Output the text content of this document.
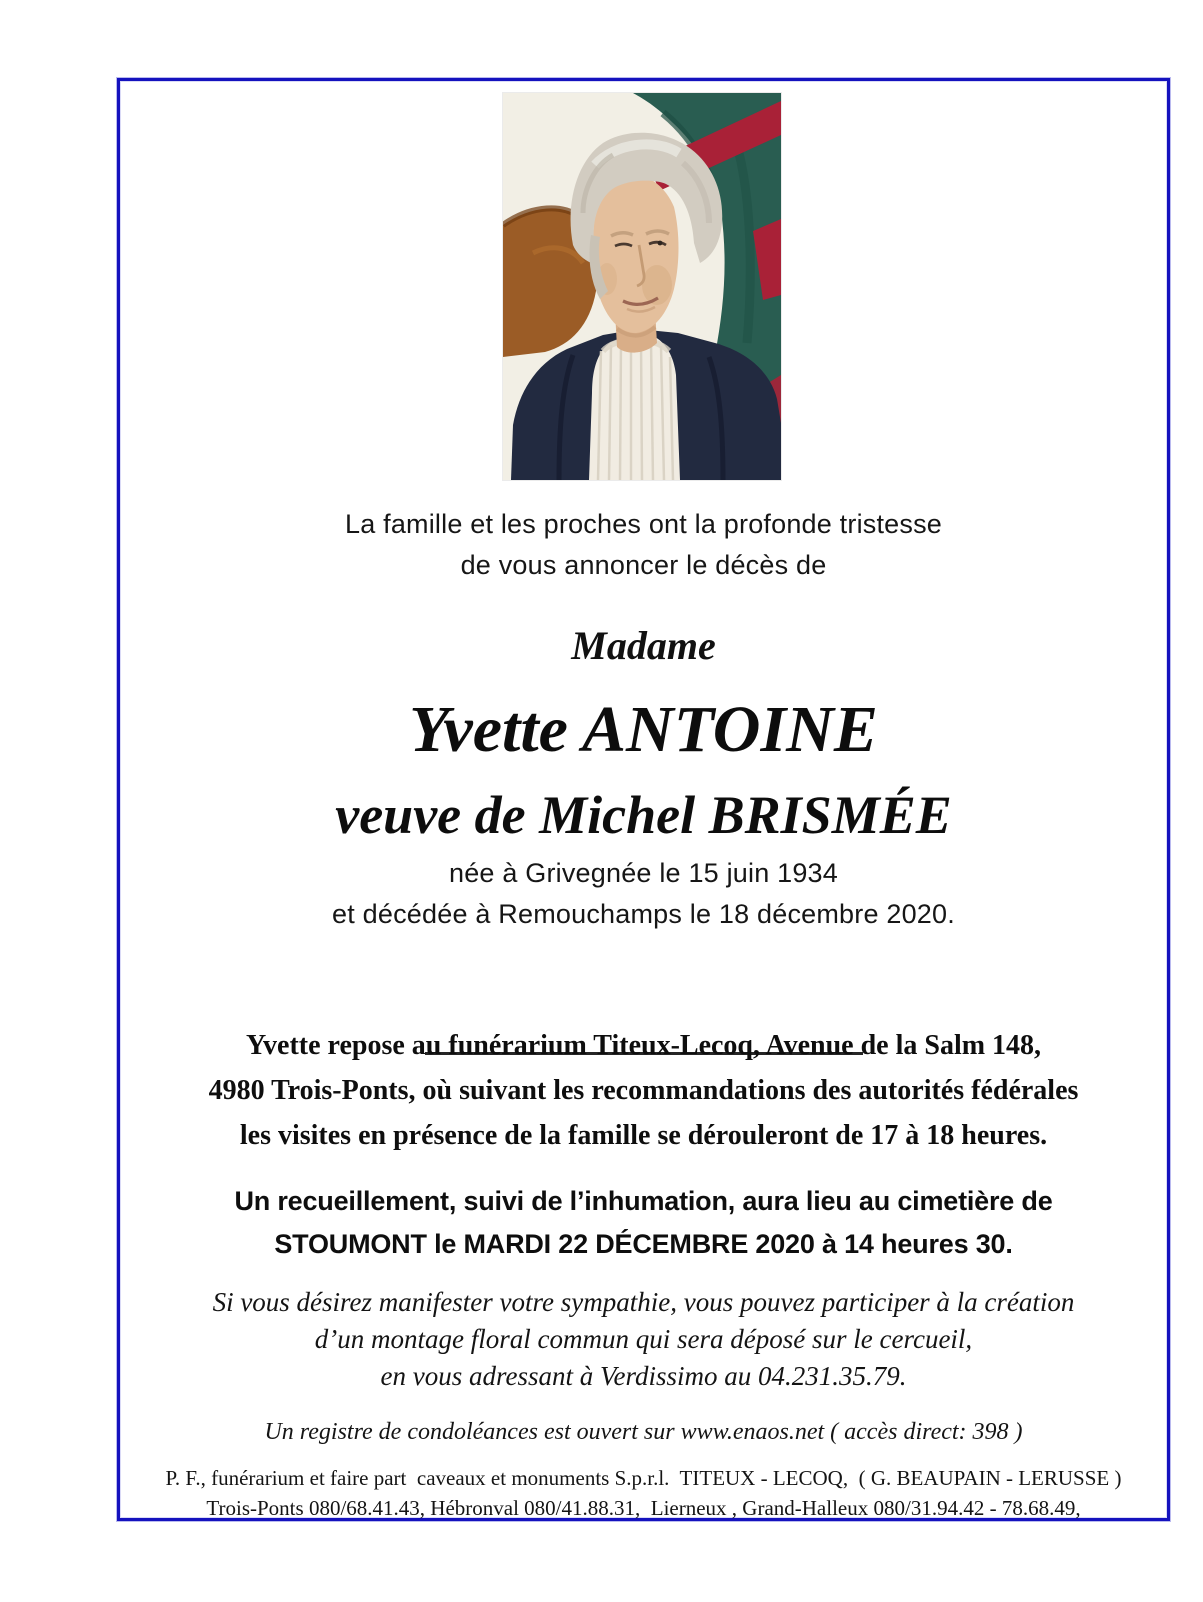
La famille et les proches ont la profonde tristesse
de vous annoncer le décès de
Madame
Yvette ANTOINE
veuve de Michel BRISMÉE
née à Grivegnée le 15 juin 1934
et décédée à Remouchamps le 18 décembre 2020.
Yvette repose au funérarium Titeux-Lecoq, Avenue de la Salm 148,
4980 Trois-Ponts, où suivant les recommandations des autorités fédérales
les visites en présence de la famille se dérouleront de 17 à 18 heures.
Un recueillement, suivi de l’inhumation, aura lieu au cimetière de
STOUMONT le MARDI 22 DÉCEMBRE 2020 à 14 heures 30.
Si vous désirez manifester votre sympathie, vous pouvez participer à la création
d’un montage floral commun qui sera déposé sur le cercueil,
en vous adressant à Verdissimo au 04.231.35.79.
Un registre de condoléances est ouvert sur www.enaos.net ( accès direct: 398 )
P. F., funérarium et faire part  caveaux et monuments S.p.r.l.  TITEUX - LECOQ,  ( G. BEAUPAIN - LERUSSE )
Trois-Ponts 080/68.41.43, Hébronval 080/41.88.31,  Lierneux , Grand-Halleux 080/31.94.42 - 78.68.49,
